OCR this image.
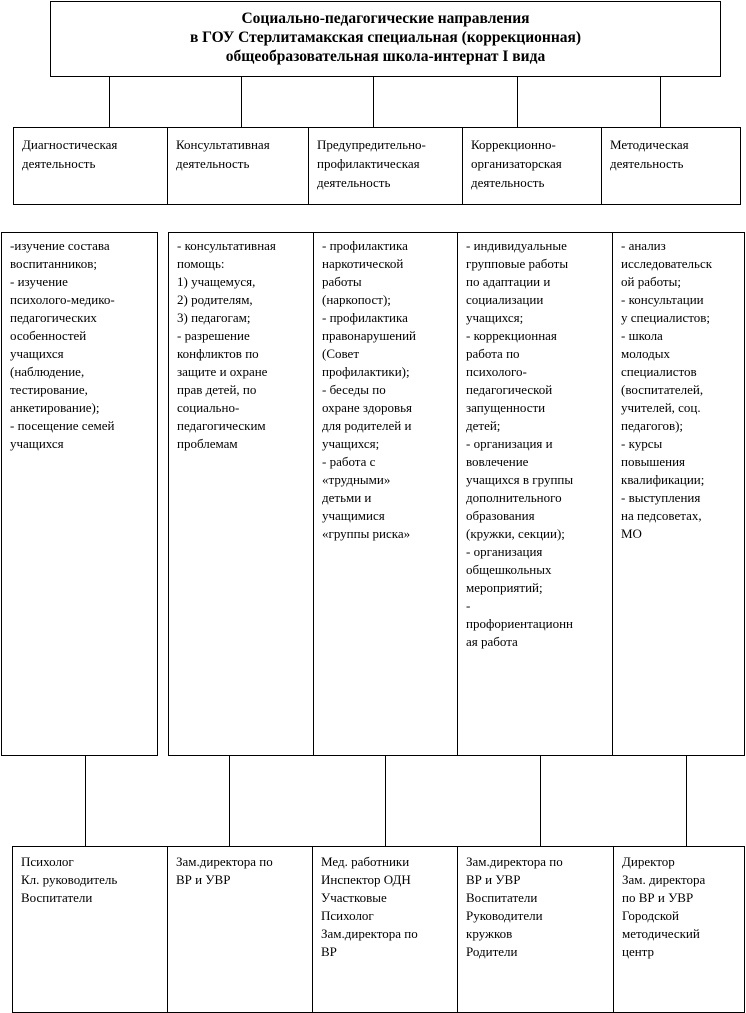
Социально-педагогические направления
в ГОУ Стерлитамакская специальная (коррекционная)
общеобразовательная школа-интернат I вида
Диагностическая
деятельность
Консультативная
деятельность
Предупредительно-
профилактическая
деятельность
Коррекционно-
организаторская
деятельность
Методическая
деятельность
-изучение состава
воспитанников;
- изучение
психолого-медико-
педагогических
особенностей
учащихся
(наблюдение,
тестирование,
анкетирование);
- посещение семей
учащихся
- консультативная
помощь:
1) учащемуся,
2) родителям,
3) педагогам;
- разрешение
конфликтов по
защите и охране
прав детей, по
социально-
педагогическим
проблемам
- профилактика
наркотической
работы
(наркопост);
- профилактика
правонарушений
(Совет
профилактики);
- беседы по
охране здоровья
для родителей и
учащихся;
- работа с
«трудными»
детьми и
учащимися
«группы риска»
- индивидуальные
групповые работы
по адаптации и
социализации
учащихся;
- коррекционная
работа по
психолого-
педагогической
запущенности
детей;
- организация и
вовлечение
учащихся в группы
дополнительного
образования
(кружки, секции);
- организация
общешкольных
мероприятий;
-
профориентационн
ая работа
- анализ
исследовательск
ой работы;
- консультации
у специалистов;
- школа
молодых
специалистов
(воспитателей,
учителей, соц.
педагогов);
- курсы
повышения
квалификации;
- выступления
на педсоветах,
МО
Психолог
Кл. руководитель
Воспитатели
Зам.директора по
ВР и УВР
Мед. работники
Инспектор ОДН
Участковые
Психолог
Зам.директора по
ВР
Зам.директора по
ВР и УВР
Воспитатели
Руководители
кружков
Родители
Директор
Зам. директора
по ВР и УВР
Городской
методический
центр
